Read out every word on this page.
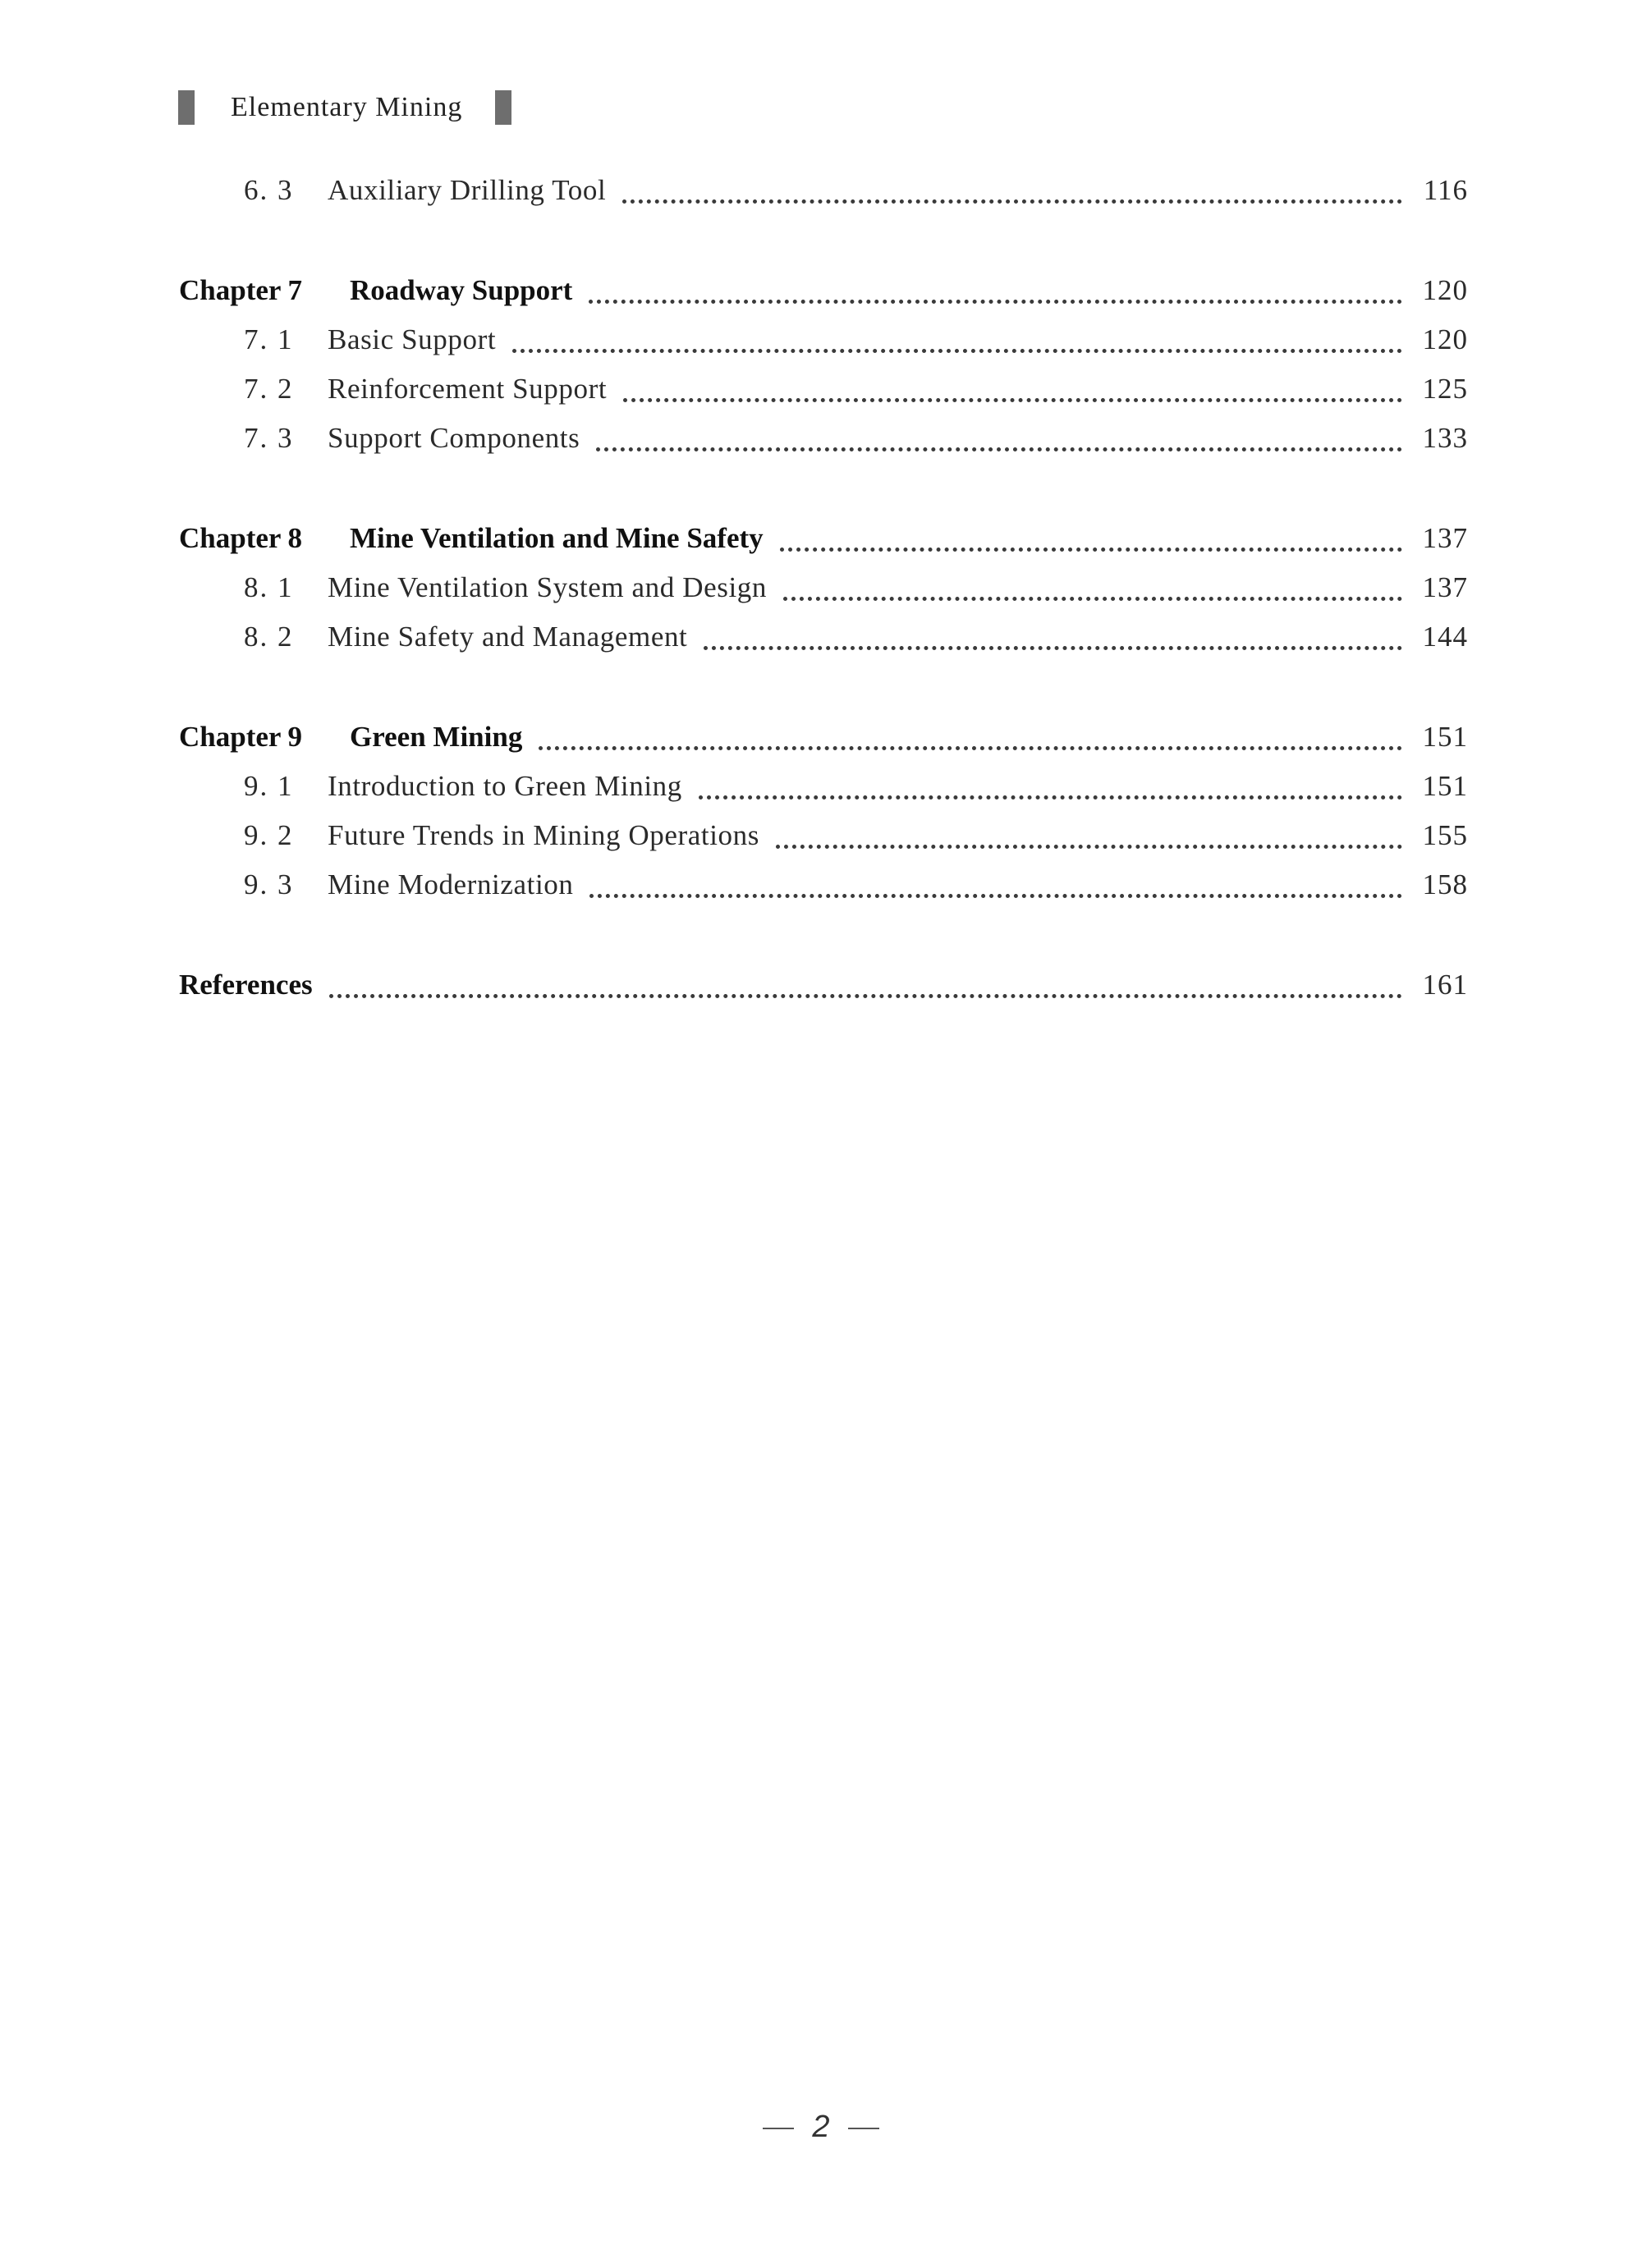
Elementary Mining
6. 3	Auxiliary Drilling Tool	116
Chapter 7	Roadway Support	120
7. 1	Basic Support	120
7. 2	Reinforcement Support	125
7. 3	Support Components	133
Chapter 8	Mine Ventilation and Mine Safety	137
8. 1	Mine Ventilation System and Design	137
8. 2	Mine Safety and Management	144
Chapter 9	Green Mining	151
9. 1	Introduction to Green Mining	151
9. 2	Future Trends in Mining Operations	155
9. 3	Mine Modernization	158
References	161
2
